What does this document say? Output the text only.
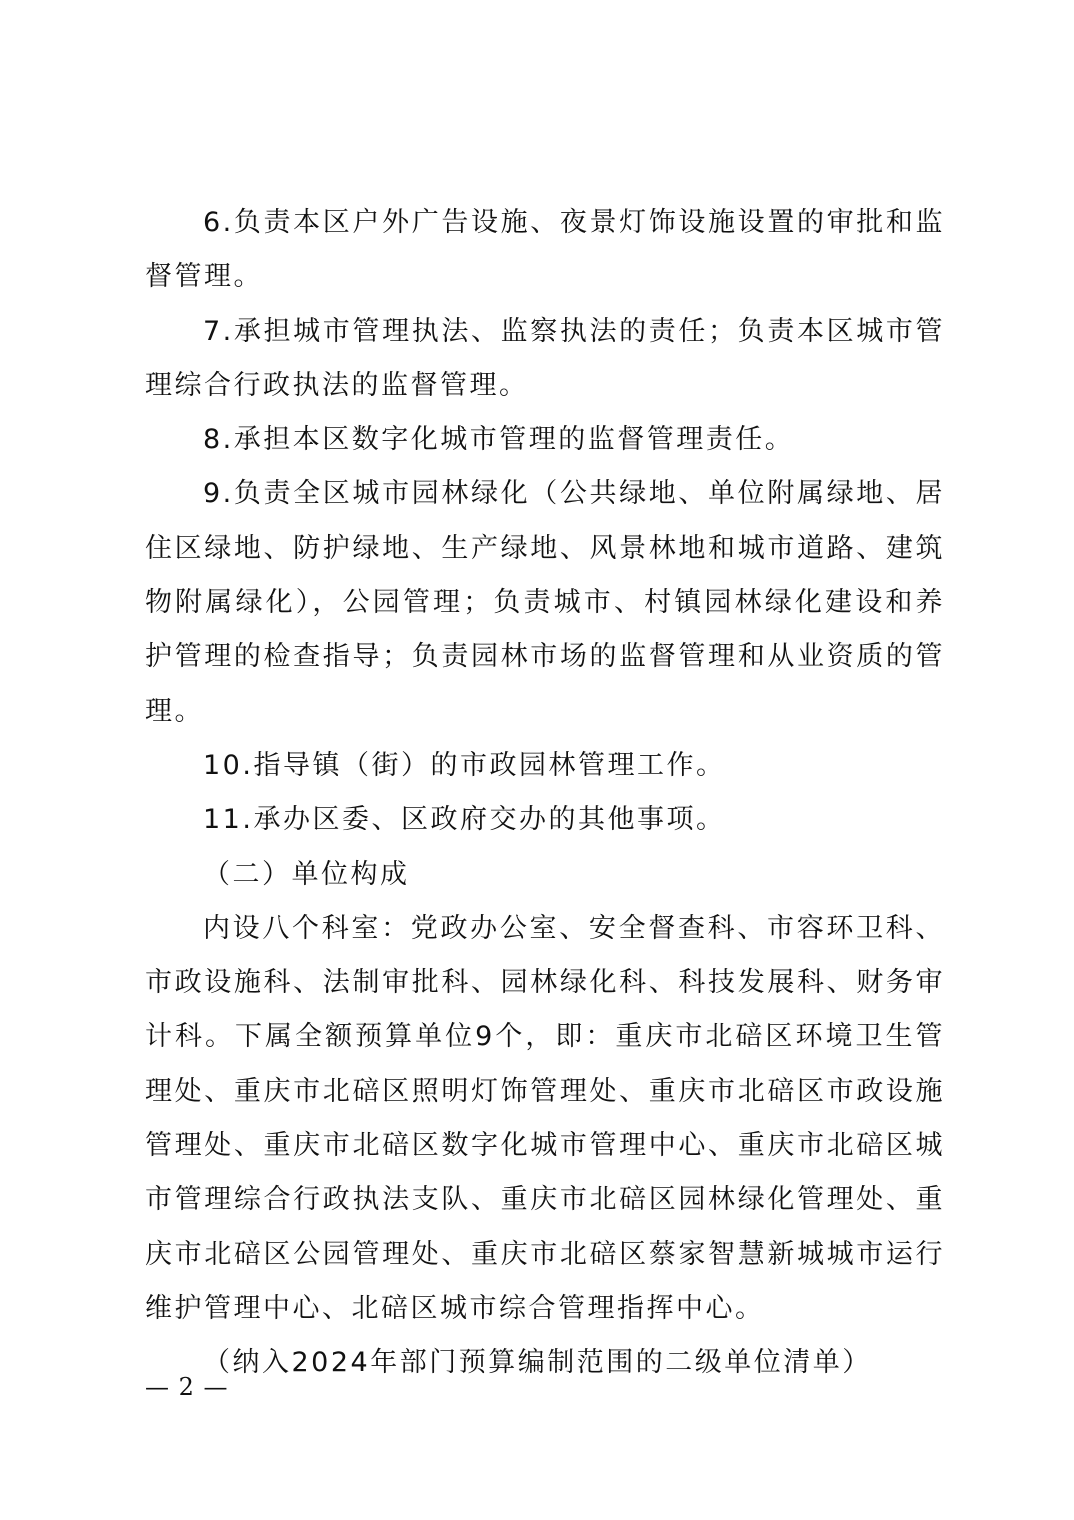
6.负责本区户外广告设施、夜景灯饰设施设置的审批和监督管理。

7.承担城市管理执法、监察执法的责任；负责本区城市管理综合行政执法的监督管理。

8.承担本区数字化城市管理的监督管理责任。

9.负责全区城市园林绿化（公共绿地、单位附属绿地、居住区绿地、防护绿地、生产绿地、风景林地和城市道路、建筑物附属绿化），公园管理；负责城市、村镇园林绿化建设和养护管理的检查指导；负责园林市场的监督管理和从业资质的管理。

10.指导镇（街）的市政园林管理工作。

11.承办区委、区政府交办的其他事项。

（二）单位构成

内设八个科室：党政办公室、安全督查科、市容环卫科、市政设施科、法制审批科、园林绿化科、科技发展科、财务审计科。下属全额预算单位9个，即：重庆市北碚区环境卫生管理处、重庆市北碚区照明灯饰管理处、重庆市北碚区市政设施管理处、重庆市北碚区数字化城市管理中心、重庆市北碚区城市管理综合行政执法支队、重庆市北碚区园林绿化管理处、重庆市北碚区公园管理处、重庆市北碚区蔡家智慧新城城市运行维护管理中心、北碚区城市综合管理指挥中心。

（纳入2024年部门预算编制范围的二级单位清单）

— 2 —
